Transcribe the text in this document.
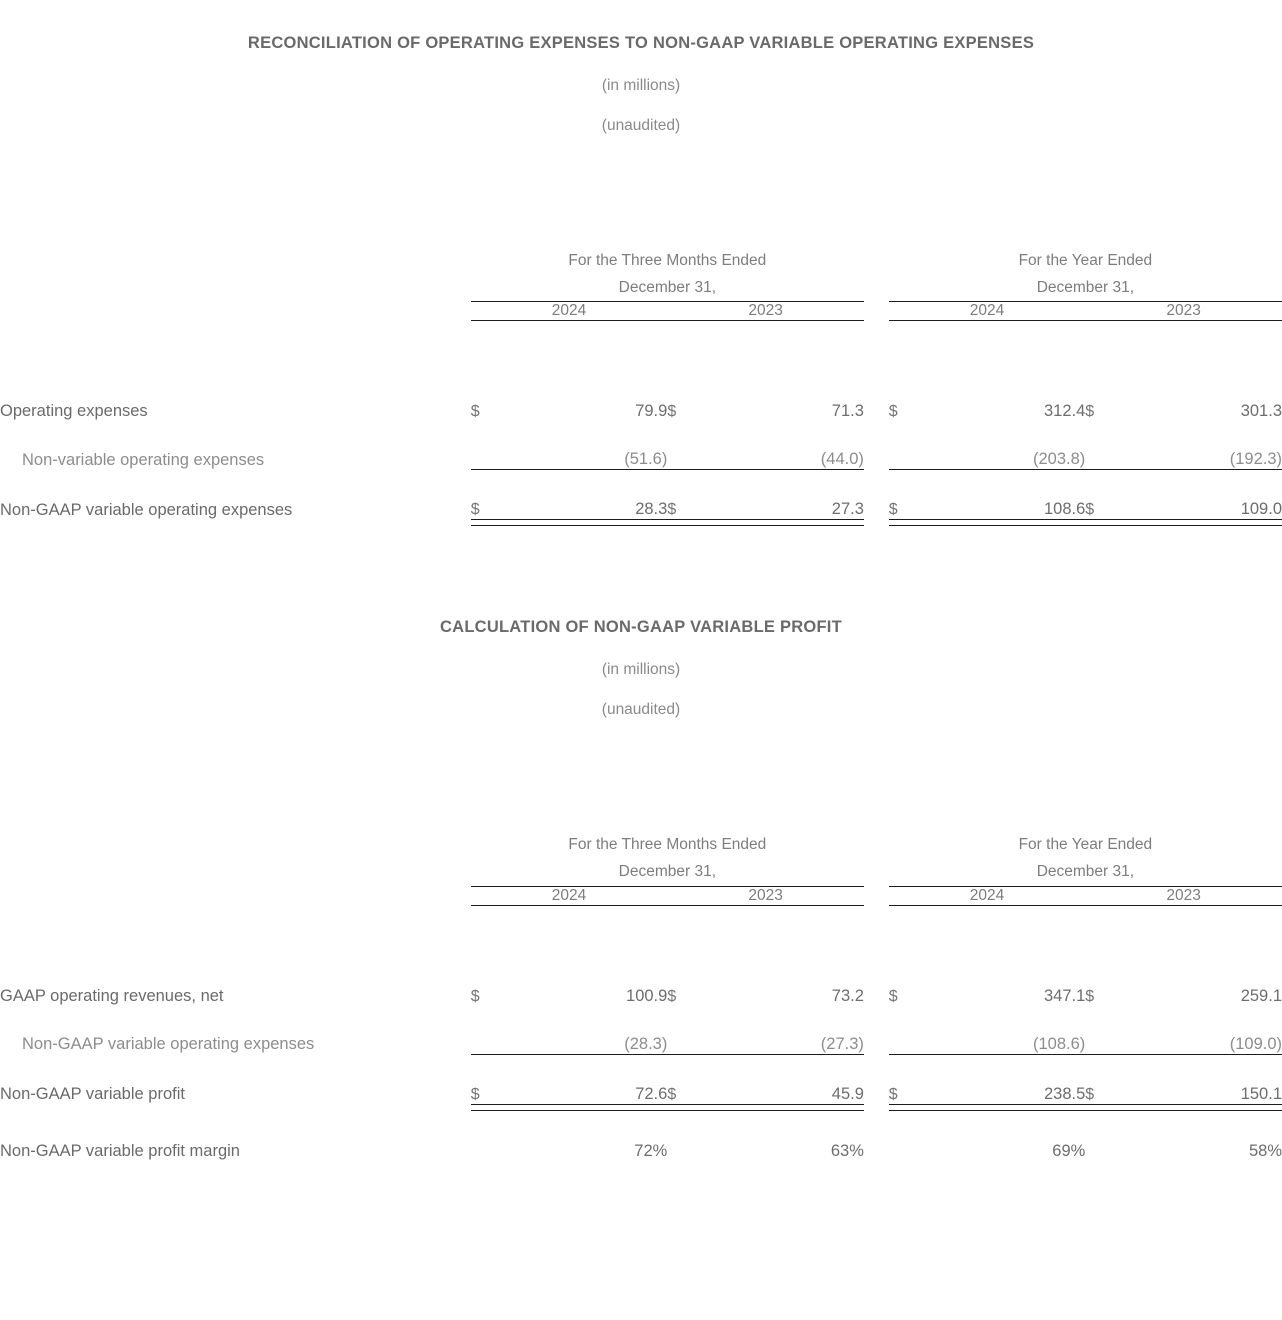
RECONCILIATION OF OPERATING EXPENSES TO NON-GAAP VARIABLE OPERATING EXPENSES
(in millions)
(unaudited)
	For the Three Months Ended
December 31,					For the Year Ended
December 31,			

	2024		2023			2024		2023	

Operating expenses	$	79.9	$	71.3		$	312.4	$	301.3
Non-variable operating expenses		(51.6)		(44.0)			(203.8)		(192.3)
Non-GAAP variable operating expenses	$	28.3	$	27.3		$	108.6	$	109.0

CALCULATION OF NON-GAAP VARIABLE PROFIT
(in millions)
(unaudited)
	For the Three Months Ended
December 31,					For the Year Ended
December 31,			

	2024		2023			2024		2023	

GAAP operating revenues, net	$	100.9	$	73.2		$	347.1	$	259.1
Non-GAAP variable operating expenses		(28.3)		(27.3)			(108.6)		(109.0)
Non-GAAP variable profit	$	72.6	$	45.9		$	238.5	$	150.1

Non-GAAP variable profit margin		72%		63%			69%		58%
